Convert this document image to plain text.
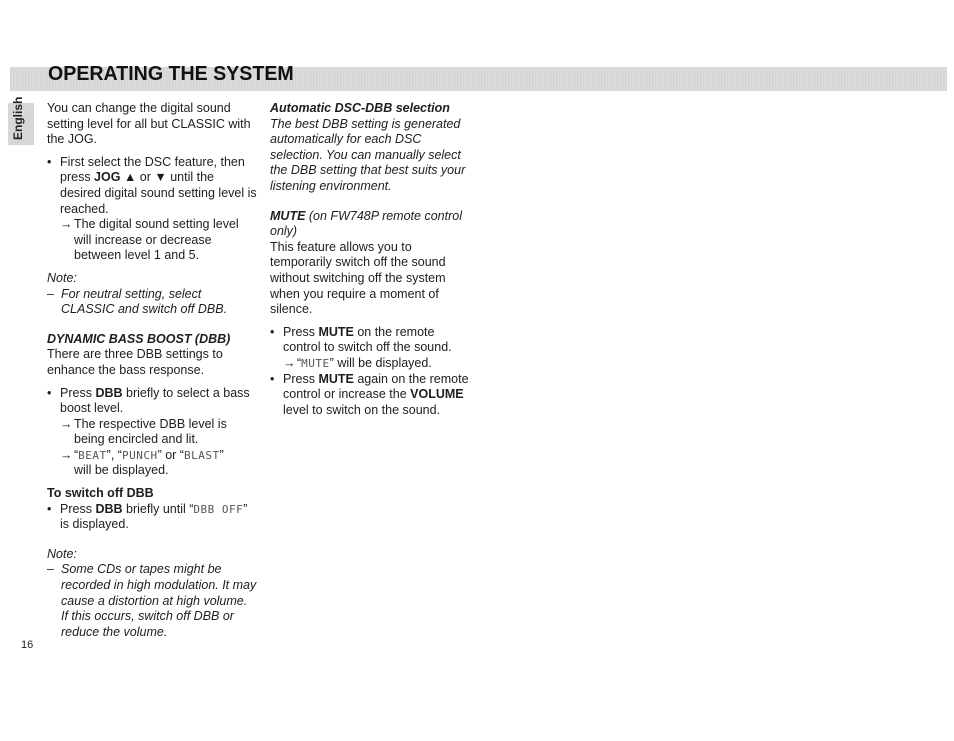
OPERATING THE SYSTEM
English You can change the digital sound setting level for all but CLASSIC with the JOG.

• First select the DSC feature, then press JOG ▲ or ▼ until the desired digital sound setting level is reached.
→ The digital sound setting level will increase or decrease between level 1 and 5.

Note:

– For neutral setting, select CLASSIC and switch off DBB.

DYNAMIC BASS BOOST (DBB)

There are three DBB settings to enhance the bass response.

• Press DBB briefly to select a bass boost level.
→ The respective DBB level is being encircled and lit.
→ “BEAT”, “PUNCH” or “BLAST”
will be displayed.

To switch off DBB

• Press DBB briefly until “DBB OFF” is displayed.

Note:

– Some CDs or tapes might be recorded in high modulation. It may cause a distortion at high volume. If this occurs, switch off DBB or reduce the volume.

Automatic DSC-DBB selection

The best DBB setting is generated automatically for each DSC selection. You can manually select the DBB setting that best suits your listening environment.

MUTE (on FW748P remote control only)

This feature allows you to temporarily switch off the sound without switching off the system when you require a moment of silence.

• Press MUTE on the remote control to switch off the sound.
→ “MUTE” will be displayed.
• Press MUTE again on the remote control or increase the VOLUME level to switch on the sound.
16
